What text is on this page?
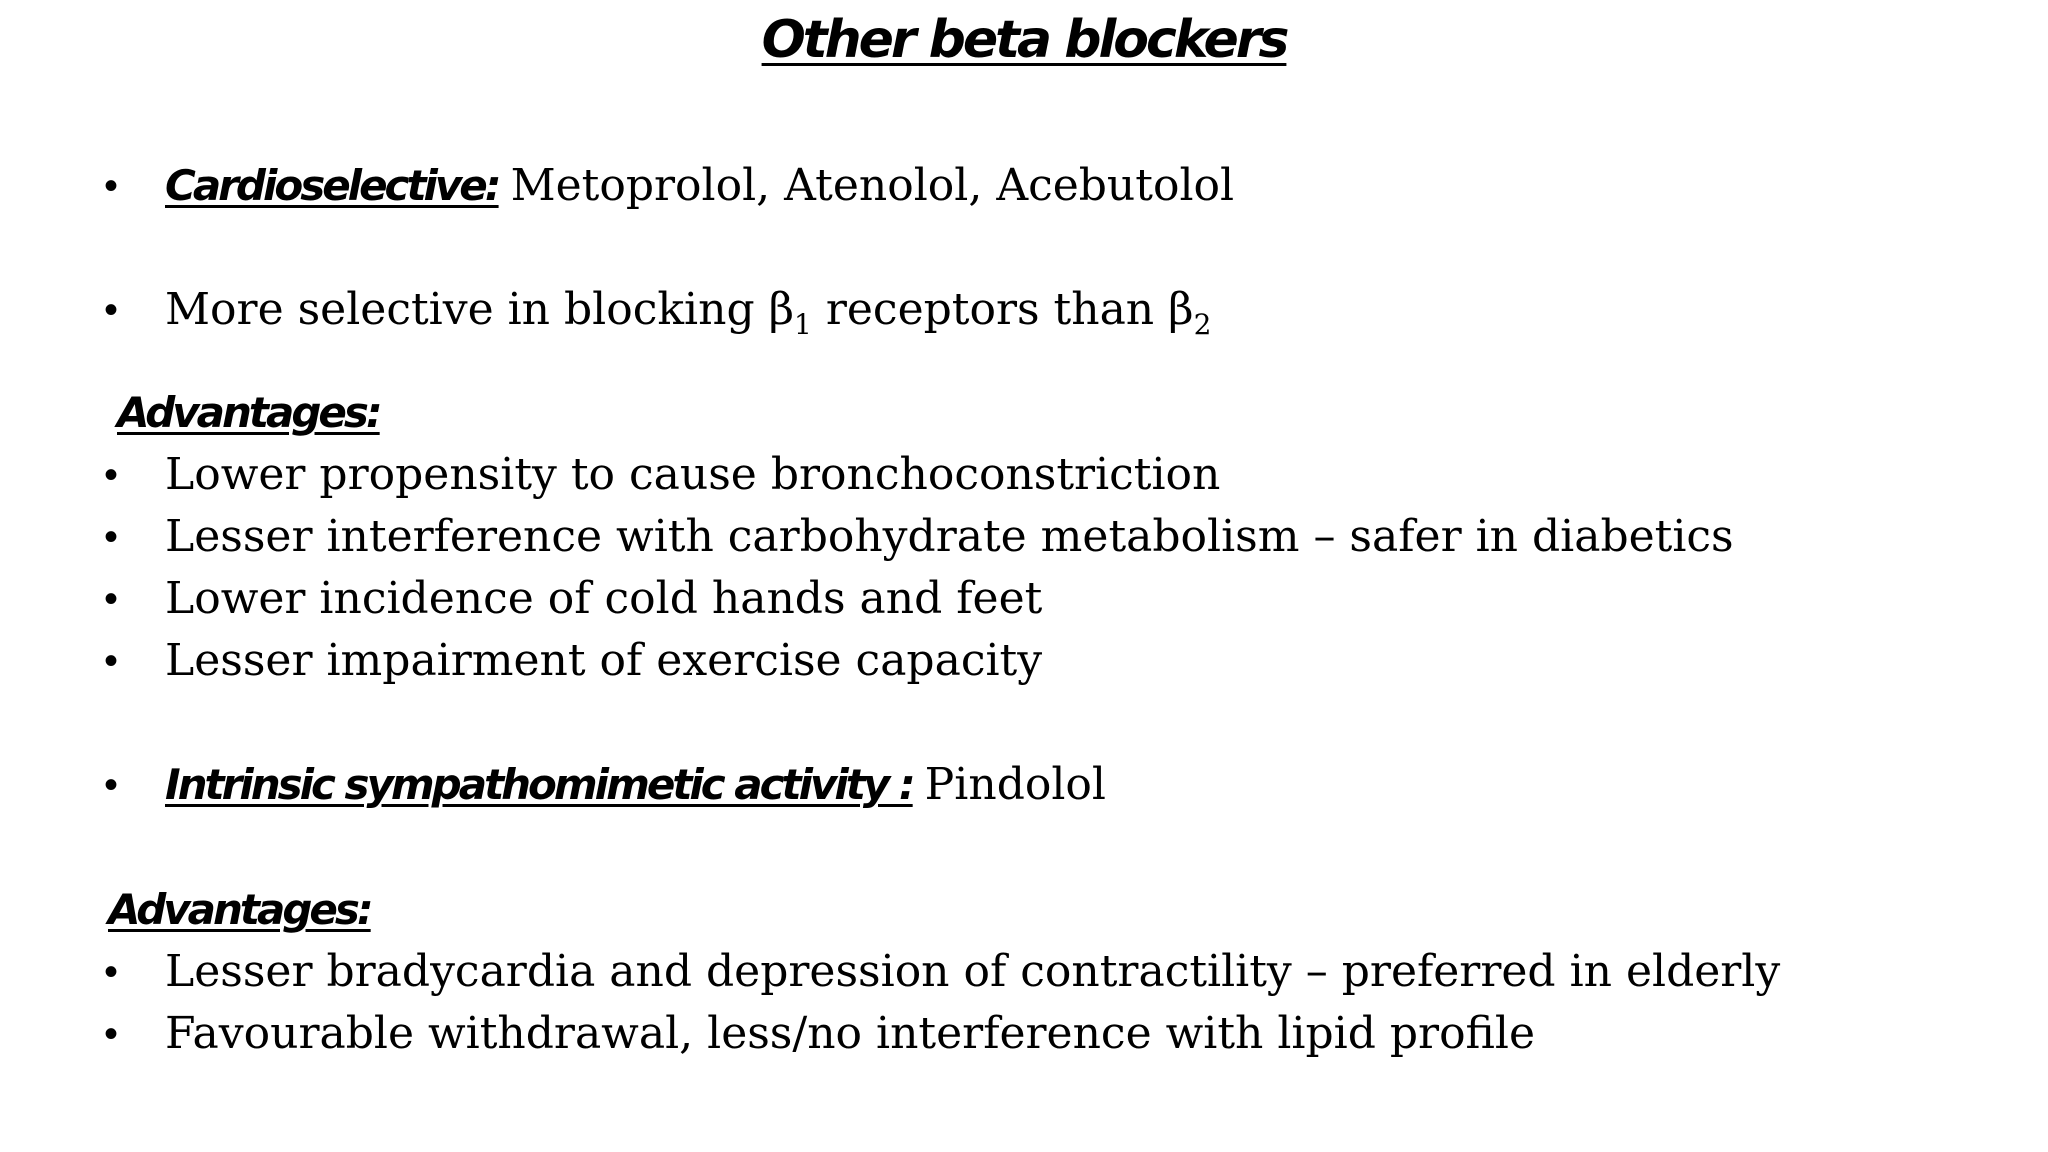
Other beta blockers
• Cardioselective: Metoprolol, Atenolol, Acebutolol
• More selective in blocking $\beta_1$ receptors than $\beta_2$
Advantages:
• Lower propensity to cause bronchoconstriction
• Lesser interference with carbohydrate metabolism – safer in diabetics
• Lower incidence of cold hands and feet
• Lesser impairment of exercise capacity
• Intrinsic sympathomimetic activity : Pindolol
Advantages:
• Lesser bradycardia and depression of contractility – preferred in elderly
• Favourable withdrawal, less/no interference with lipid profile
